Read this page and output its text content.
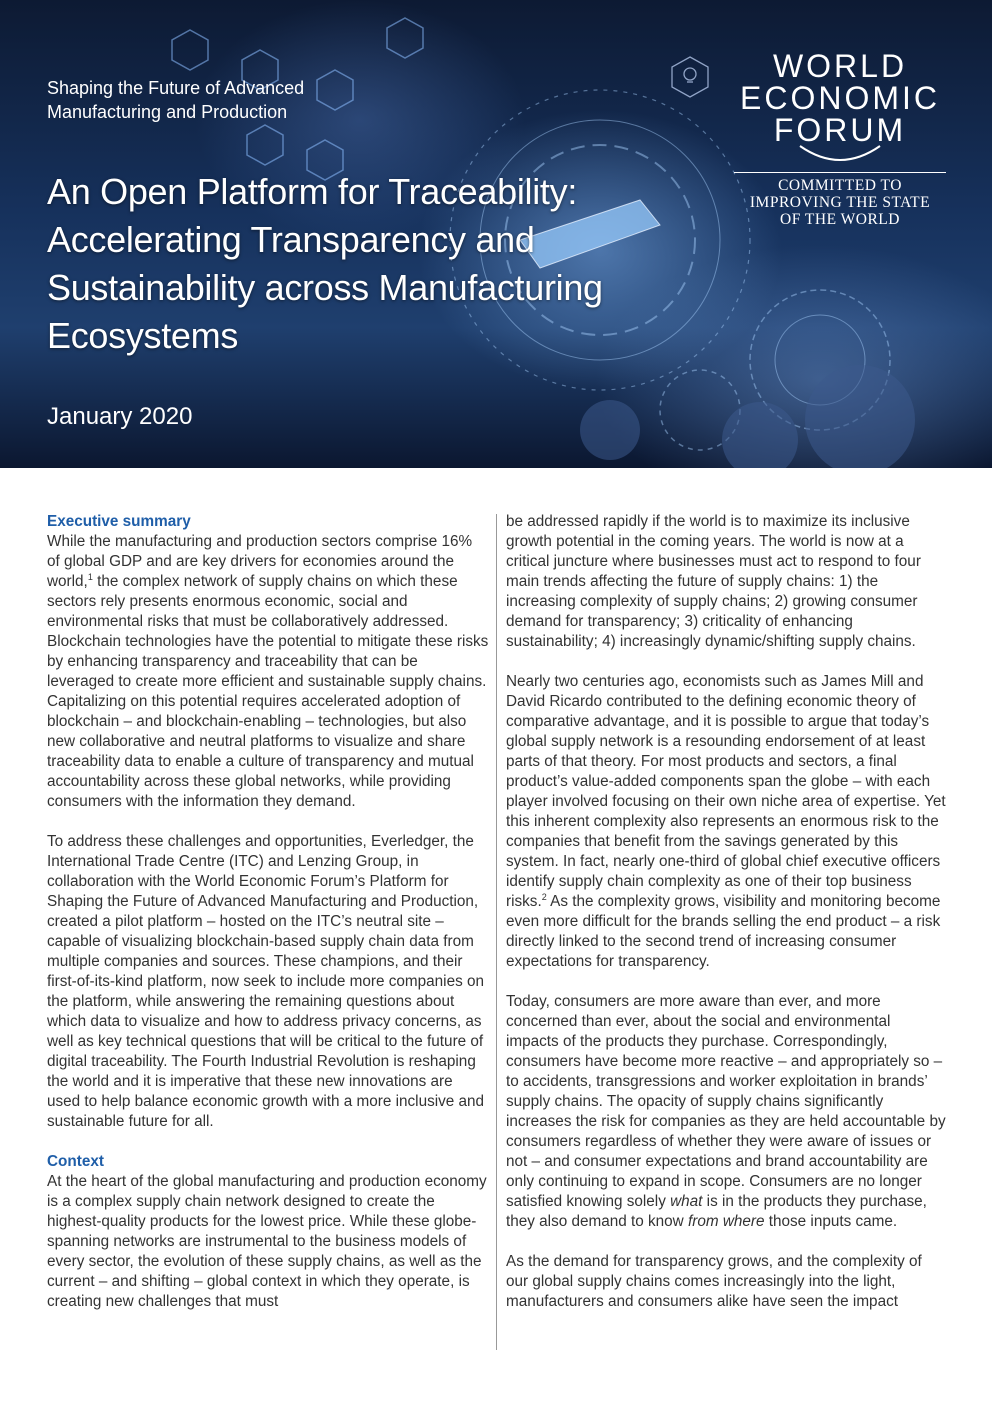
Shaping the Future of Advanced Manufacturing and Production
An Open Platform for Traceability: Accelerating Transparency and Sustainability across Manufacturing Ecosystems
January 2020
WORLD
ECONOMIC
FORUM
COMMITTED TO
IMPROVING THE STATE
OF THE WORLD
Executive summary

While the manufacturing and production sectors comprise 16% of global GDP and are key drivers for economies around the world,$^1$ the complex network of supply chains on which these sectors rely presents enormous economic, social and environmental risks that must be collaboratively addressed. Blockchain technologies have the potential to mitigate these risks by enhancing transparency and traceability that can be leveraged to create more efficient and sustainable supply chains. Capitalizing on this potential requires accelerated adoption of blockchain – and blockchain-enabling – technologies, but also new collaborative and neutral platforms to visualize and share traceability data to enable a culture of transparency and mutual accountability across these global networks, while providing consumers with the information they demand.

To address these challenges and opportunities, Everledger, the International Trade Centre (ITC) and Lenzing Group, in collaboration with the World Economic Forum’s Platform for Shaping the Future of Advanced Manufacturing and Production, created a pilot platform – hosted on the ITC’s neutral site – capable of visualizing blockchain-based supply chain data from multiple companies and sources. These champions, and their first-of-its-kind platform, now seek to include more companies on the platform, while answering the remaining questions about which data to visualize and how to address privacy concerns, as well as key technical questions that will be critical to the future of digital traceability. The Fourth Industrial Revolution is reshaping the world and it is imperative that these new innovations are used to help balance economic growth with a more inclusive and sustainable future for all.

Context

At the heart of the global manufacturing and production economy is a complex supply chain network designed to create the highest-quality products for the lowest price. While these globe-spanning networks are instrumental to the business models of every sector, the evolution of these supply chains, as well as the current – and shifting – global context in which they operate, is creating new challenges that must

be addressed rapidly if the world is to maximize its inclusive growth potential in the coming years. The world is now at a critical juncture where businesses must act to respond to four main trends affecting the future of supply chains: 1) the increasing complexity of supply chains; 2) growing consumer demand for transparency; 3) criticality of enhancing sustainability; 4) increasingly dynamic/shifting supply chains.

Nearly two centuries ago, economists such as James Mill and David Ricardo contributed to the defining economic theory of comparative advantage, and it is possible to argue that today’s global supply network is a resounding endorsement of at least parts of that theory. For most products and sectors, a final product’s value-added components span the globe – with each player involved focusing on their own niche area of expertise. Yet this inherent complexity also represents an enormous risk to the companies that benefit from the savings generated by this system. In fact, nearly one-third of global chief executive officers identify supply chain complexity as one of their top business risks.$^2$ As the complexity grows, visibility and monitoring become even more difficult for the brands selling the end product – a risk directly linked to the second trend of increasing consumer expectations for transparency.

Today, consumers are more aware than ever, and more concerned than ever, about the social and environmental impacts of the products they purchase. Correspondingly, consumers have become more reactive – and appropriately so – to accidents, transgressions and worker exploitation in brands’ supply chains. The opacity of supply chains significantly increases the risk for companies as they are held accountable by consumers regardless of whether they were aware of issues or not – and consumer expectations and brand accountability are only continuing to expand in scope. Consumers are no longer satisfied knowing solely what is in the products they purchase, they also demand to know from where those inputs came.

As the demand for transparency grows, and the complexity of our global supply chains comes increasingly into the light, manufacturers and consumers alike have seen the impact
